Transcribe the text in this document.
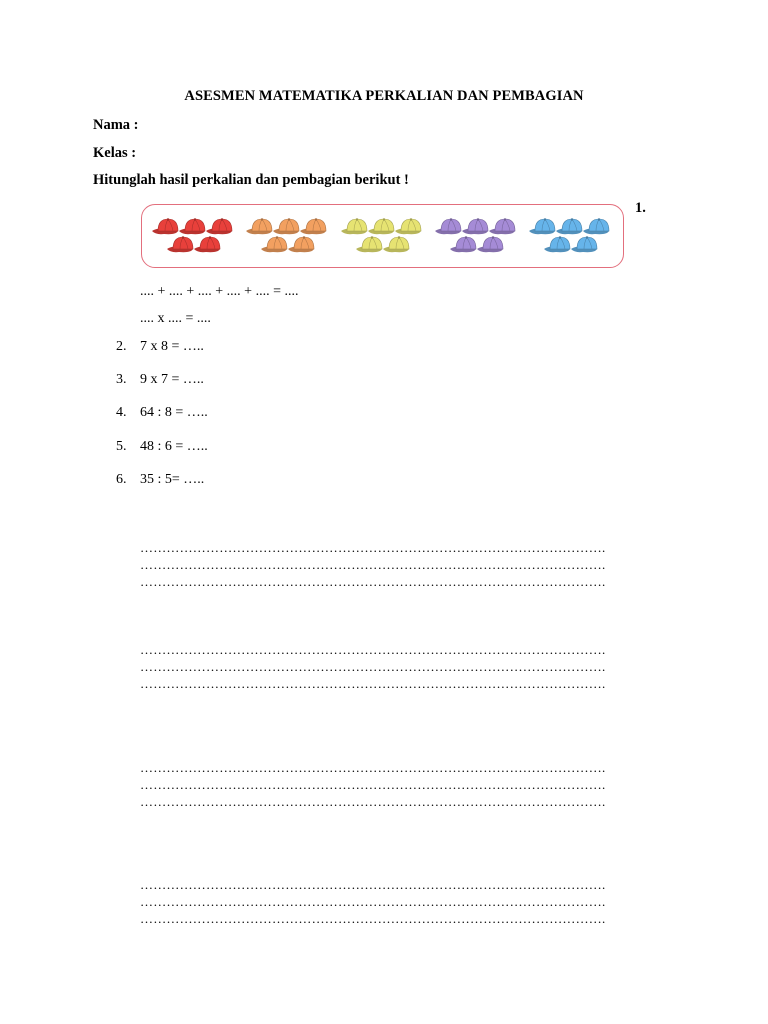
ASESMEN MATEMATIKA PERKALIAN DAN PEMBAGIAN
Nama :
Kelas :
Hitunglah hasil perkalian dan pembagian berikut !
1.
.... + .... + .... + .... + .... = ....
.... x .... = ....
2. 7 x 8 = …..
3. 9 x 7 = …..
4. 64 : 8 = …..
5. 48 : 6 = …..
6. 35 : 5= …..
…………………………………………………………………………………………….
…………………………………………………………………………………………….
…………………………………………………………………………………………….
…………………………………………………………………………………………….
…………………………………………………………………………………………….
…………………………………………………………………………………………….
…………………………………………………………………………………………….
…………………………………………………………………………………………….
…………………………………………………………………………………………….
…………………………………………………………………………………………….
…………………………………………………………………………………………….
…………………………………………………………………………………………….
